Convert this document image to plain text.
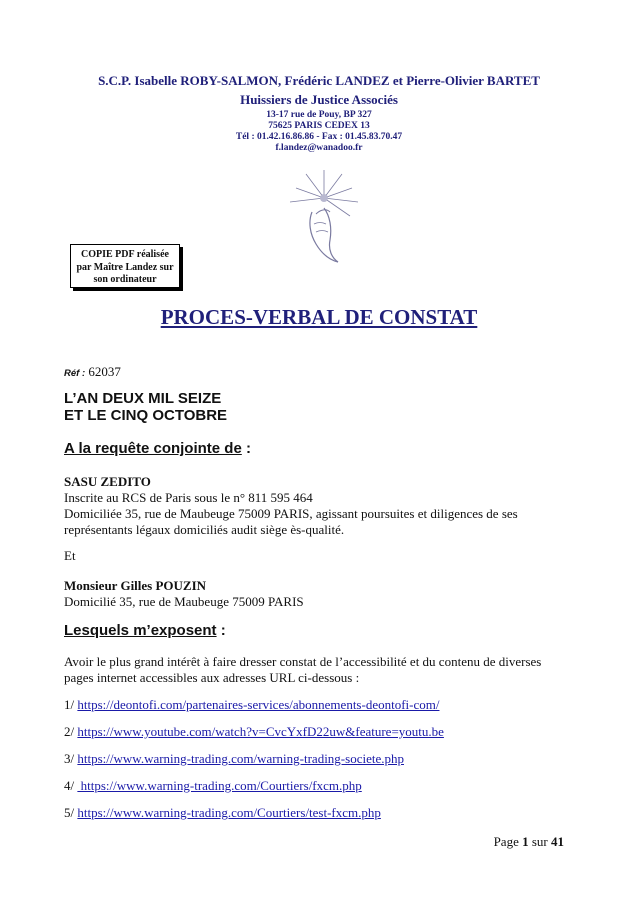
S.C.P. Isabelle ROBY-SALMON, Frédéric LANDEZ et Pierre-Olivier BARTET
Huissiers de Justice Associés
13-17 rue de Pouy, BP 327
75625 PARIS CEDEX 13
Tél : 01.42.16.86.86 - Fax : 01.45.83.70.47
f.landez@wanadoo.fr
COPIE PDF réalisée
par Maître Landez sur
son ordinateur
PROCES-VERBAL DE CONSTAT
Réf : 62037
L’AN DEUX MIL SEIZE
ET LE CINQ OCTOBRE
A la requête conjointe de :
SASU ZEDITO
Inscrite au RCS de Paris sous le n° 811 595 464
Domiciliée 35, rue de Maubeuge 75009 PARIS, agissant poursuites et diligences de ses
représentants légaux domiciliés audit siège ès-qualité.
Et
Monsieur Gilles POUZIN
Domicilié 35, rue de Maubeuge 75009 PARIS
Lesquels m’exposent :
Avoir le plus grand intérêt à faire dresser constat de l’accessibilité et du contenu de diverses
pages internet accessibles aux adresses URL ci-dessous :
1/ https://deontofi.com/partenaires-services/abonnements-deontofi-com/
2/ https://www.youtube.com/watch?v=CvcYxfD22uw&feature=youtu.be
3/ https://www.warning-trading.com/warning-trading-societe.php
4/  https://www.warning-trading.com/Courtiers/fxcm.php
5/ https://www.warning-trading.com/Courtiers/test-fxcm.php
Page 1 sur 41
